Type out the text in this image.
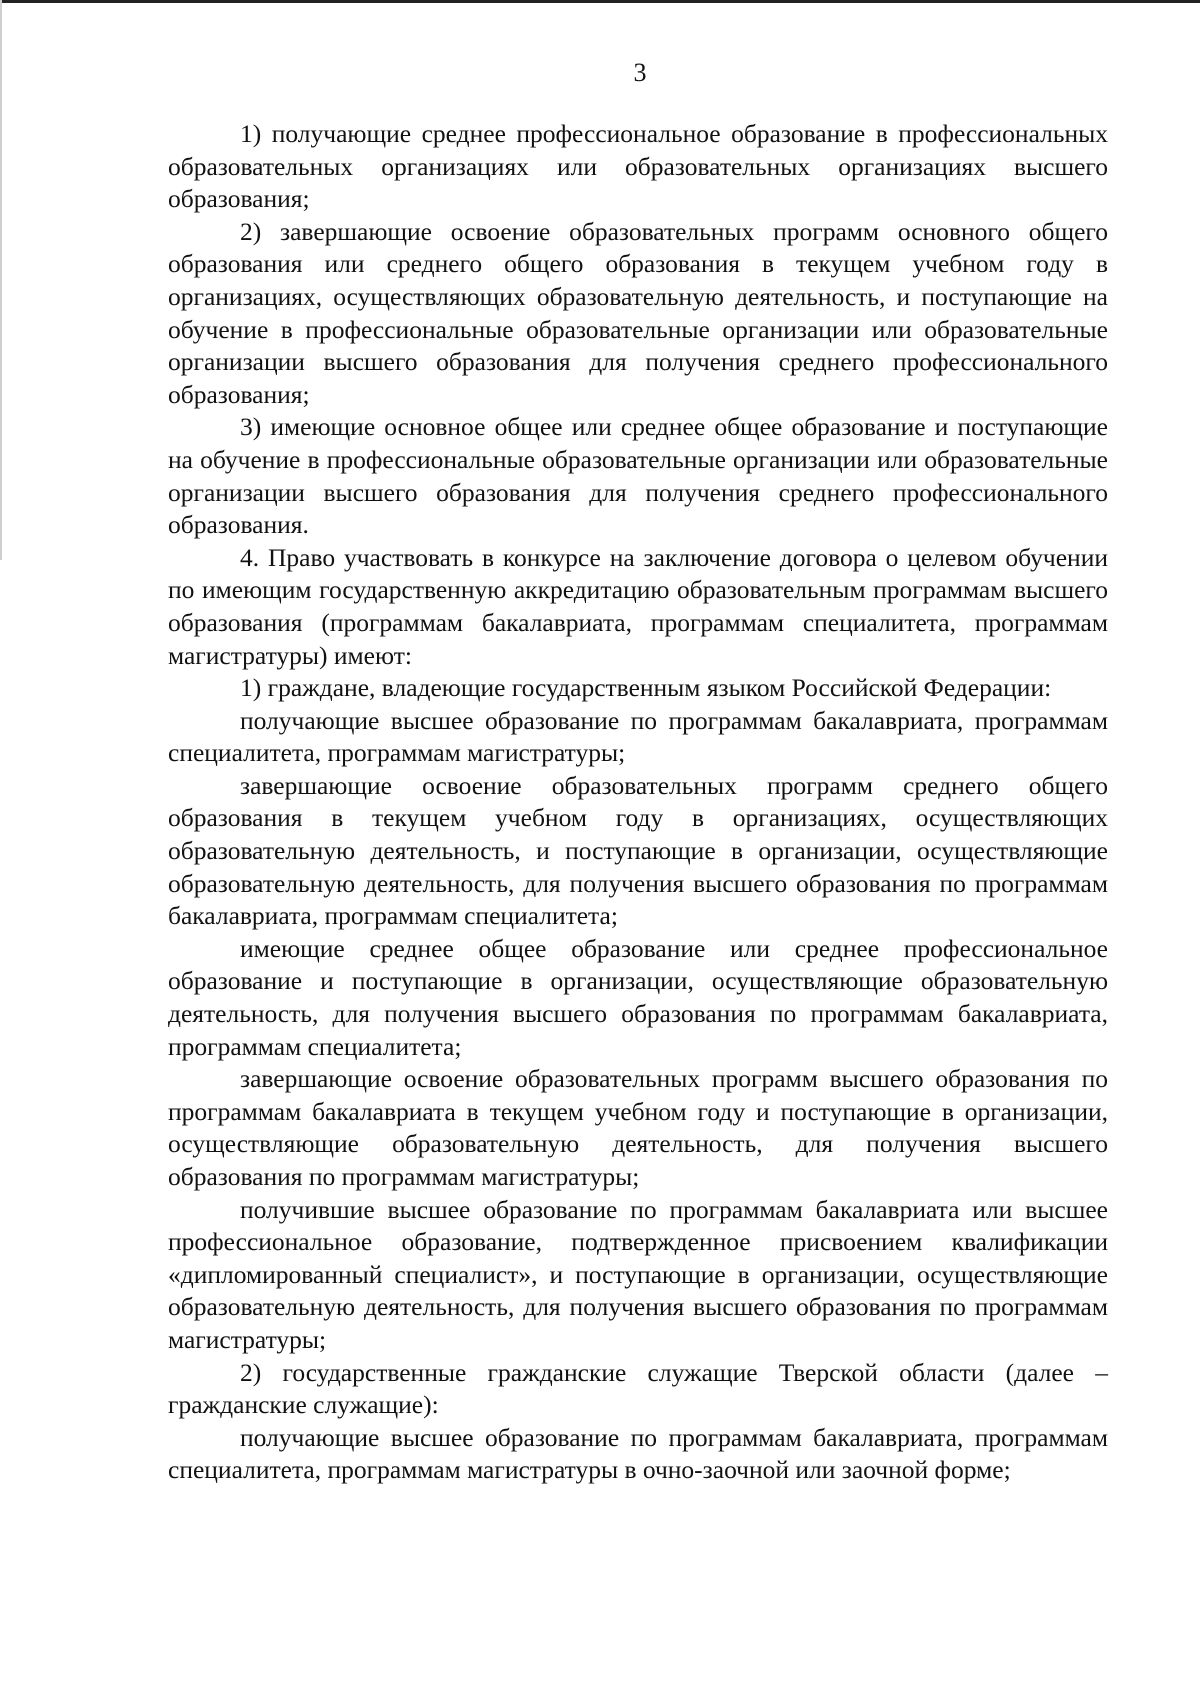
3

1) получающие среднее профессиональное образование в профессиональных образовательных организациях или образовательных организациях высшего образования;

2) завершающие освоение образовательных программ основного общего образования или среднего общего образования в текущем учебном году в организациях, осуществляющих образовательную деятельность, и поступающие на обучение в профессиональные образовательные организации или образовательные организации высшего образования для получения среднего профессионального образования;

3) имеющие основное общее или среднее общее образование и поступающие на обучение в профессиональные образовательные организации или образовательные организации высшего образования для получения среднего профессионального образования.

4. Право участвовать в конкурсе на заключение договора о целевом обучении по имеющим государственную аккредитацию образовательным программам высшего образования (программам бакалавриата, программам специалитета, программам магистратуры) имеют:

1) граждане, владеющие государственным языком Российской Федерации:

получающие высшее образование по программам бакалавриата, программам специалитета, программам магистратуры;

завершающие освоение образовательных программ среднего общего образования в текущем учебном году в организациях, осуществляющих образовательную деятельность, и поступающие в организации, осуществляющие образовательную деятельность, для получения высшего образования по программам бакалавриата, программам специалитета;

имеющие среднее общее образование или среднее профессиональное образование и поступающие в организации, осуществляющие образовательную деятельность, для получения высшего образования по программам бакалавриата, программам специалитета;

завершающие освоение образовательных программ высшего образования по программам бакалавриата в текущем учебном году и поступающие в организации, осуществляющие образовательную деятельность, для получения высшего образования по программам магистратуры;

получившие высшее образование по программам бакалавриата или высшее профессиональное образование, подтвержденное присвоением квалификации «дипломированный специалист», и поступающие в организации, осуществляющие образовательную деятельность, для получения высшего образования по программам магистратуры;

2) государственные гражданские служащие Тверской области (далее – гражданские служащие):

получающие высшее образование по программам бакалавриата, программам специалитета, программам магистратуры в очно-заочной или заочной форме;
